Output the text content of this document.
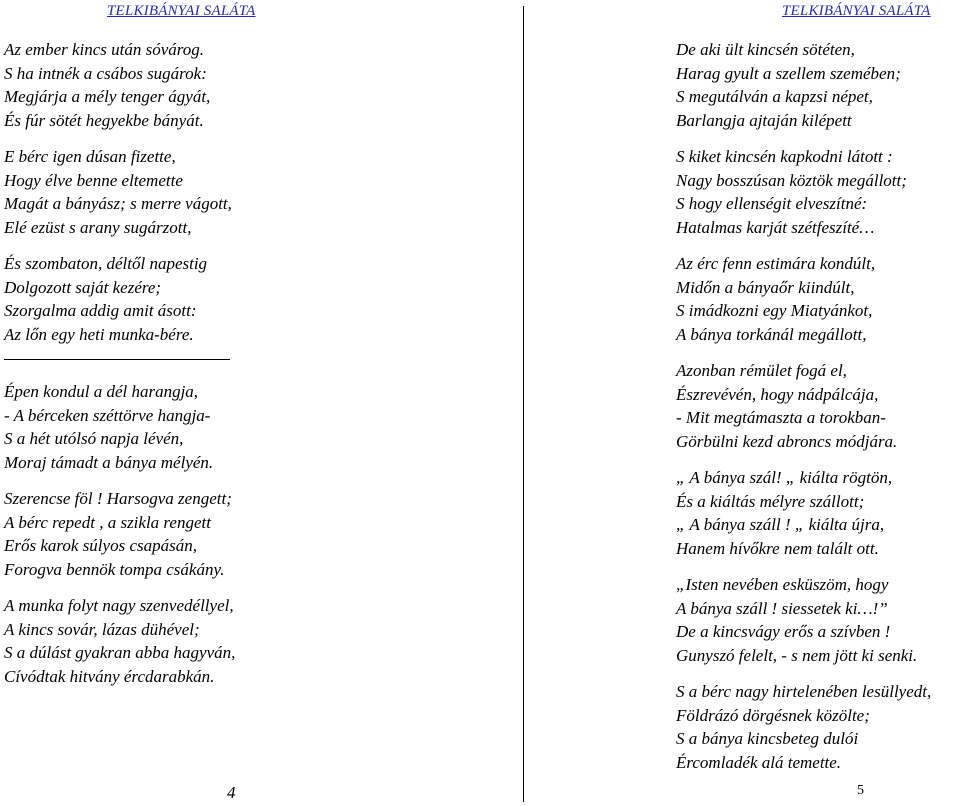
TELKIBÁNYAI SALÁTA
Az ember kincs után sóvárog.
S ha intnék a csábos sugárok:
Megjárja a mély tenger ágyát,
És fúr sötét hegyekbe bányát.
E bérc igen dúsan fizette,
Hogy élve benne eltemette
Magát a bányász; s merre vágott,
Elé ezüst s arany sugárzott,
És szombaton, déltől napestig
Dolgozott saját kezére;
Szorgalma addig amit ásott:
Az lőn egy heti munka-bére.
Épen kondul a dél harangja,
- A bérceken széttörve hangja-
S a hét utólsó napja lévén,
Moraj támadt a bánya mélyén.
Szerencse föl ! Harsogva zengett;
A bérc repedt , a szikla rengett
Erős karok súlyos csapásán,
Forogva bennök tompa csákány.
A munka folyt nagy szenvedéllyel,
A kincs sovár, lázas dühével;
S a dúlást gyakran abba hagyván,
Cívódtak hitvány ércdarabkán.
4
TELKIBÁNYAI SALÁTA
De aki ült kincsén sötéten,
Harag gyult a szellem szemében;
S megutálván a kapzsi népet,
Barlangja ajtaján kilépett
S kiket kincsén kapkodni látott :
Nagy bosszúsan köztök megállott;
S hogy ellenségit elveszítné:
Hatalmas karját szétfeszíté…
Az érc fenn estimára kondúlt,
Midőn a bányaőr kiindúlt,
S imádkozni egy Miatyánkot,
A bánya torkánál megállott,
Azonban rémület fogá el,
Észrevévén, hogy nádpálcája,
- Mit megtámaszta a torokban-
Görbülni kezd abroncs módjára.
„ A bánya szál! „ kiálta rögtön,
És a kiáltás mélyre szállott;
„ A bánya száll ! „ kiálta újra,
Hanem hívőkre nem talált ott.
„Isten nevében esküszöm, hogy
A bánya száll ! siessetek ki…!”
De a kincsvágy erős a szívben !
Gunyszó felelt, - s nem jött ki senki.
S a bérc nagy hirtelenében lesüllyedt,
Földrázó dörgésnek közölte;
S a bánya kincsbeteg dulói
Ércomladék alá temette.
5
